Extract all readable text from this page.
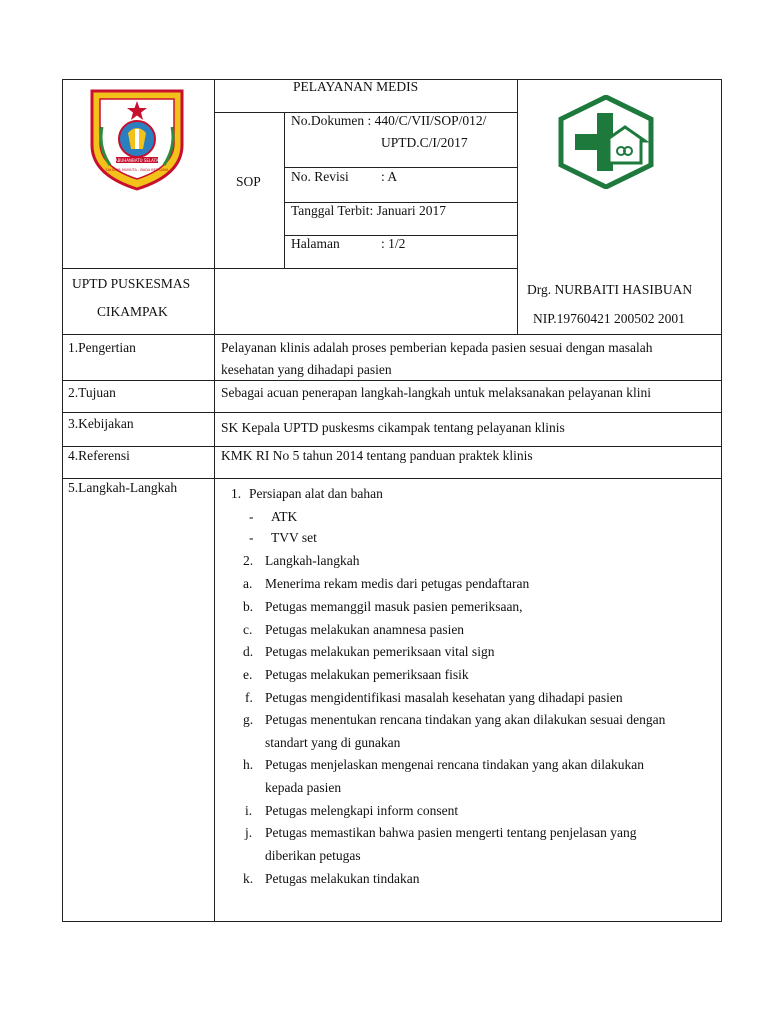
LABUHANBATU SELATAN
SAHDOR MUNUTA - BADA BERSAMA
PELAYANAN MEDIS
SOP
No.Dokumen : 440/C/VII/SOP/012/
UPTD.C/I/2017
No. Revisi : A
Tanggal Terbit: Januari 2017
Halaman	: 1/2
UPTD PUSKESMAS
CIKAMPAK
Drg. NURBAITI HASIBUAN
NIP.19760421 200502 2001
1.Pengertian	Pelayanan klinis adalah proses pemberian kepada pasien sesuai dengan masalah
kesehatan yang dihadapi pasien
2.Tujuan	Sebagai acuan penerapan langkah-langkah untuk melaksanakan pelayanan klini
3.Kebijakan	SK Kepala UPTD puskesms cikampak tentang pelayanan klinis
4.Referensi	KMK RI No 5 tahun 2014 tentang panduan praktek klinis
5.Langkah-Langkah	1. Persiapan alat dan bahan
- ATK
- TVV set
2. Langkah-langkah
a. Menerima rekam medis dari petugas pendaftaran
b. Petugas memanggil masuk pasien pemeriksaan,
c. Petugas melakukan anamnesa pasien
d. Petugas melakukan pemeriksaan vital sign
e. Petugas melakukan pemeriksaan fisik
f. Petugas mengidentifikasi masalah kesehatan yang dihadapi pasien
g. Petugas menentukan rencana tindakan yang akan dilakukan sesuai dengan
standart yang di gunakan
h. Petugas menjelaskan mengenai rencana tindakan yang akan dilakukan
kepada pasien
i. Petugas melengkapi inform consent
j. Petugas memastikan bahwa pasien mengerti tentang penjelasan yang
diberikan petugas
k. Petugas melakukan tindakan
